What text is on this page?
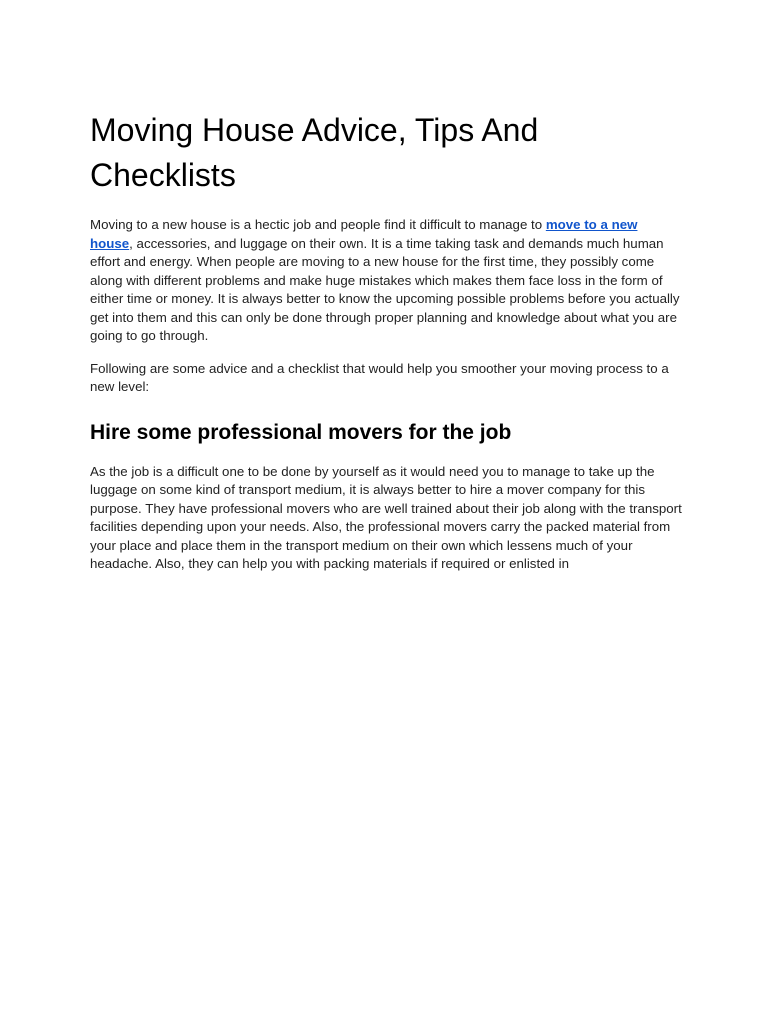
Moving House Advice, Tips And Checklists

Moving to a new house is a hectic job and people find it difficult to manage to move to a new house, accessories, and luggage on their own. It is a time taking task and demands much human effort and energy. When people are moving to a new house for the first time, they possibly come along with different problems and make huge mistakes which makes them face loss in the form of either time or money. It is always better to know the upcoming possible problems before you actually get into them and this can only be done through proper planning and knowledge about what you are going to go through.

Following are some advice and a checklist that would help you smoother your moving process to a new level:

Hire some professional movers for the job

As the job is a difficult one to be done by yourself as it would need you to manage to take up the luggage on some kind of transport medium, it is always better to hire a mover company for this purpose. They have professional movers who are well trained about their job along with the transport facilities depending upon your needs. Also, the professional movers carry the packed material from your place and place them in the transport medium on their own which lessens much of your headache. Also, they can help you with packing materials if required or enlisted in
